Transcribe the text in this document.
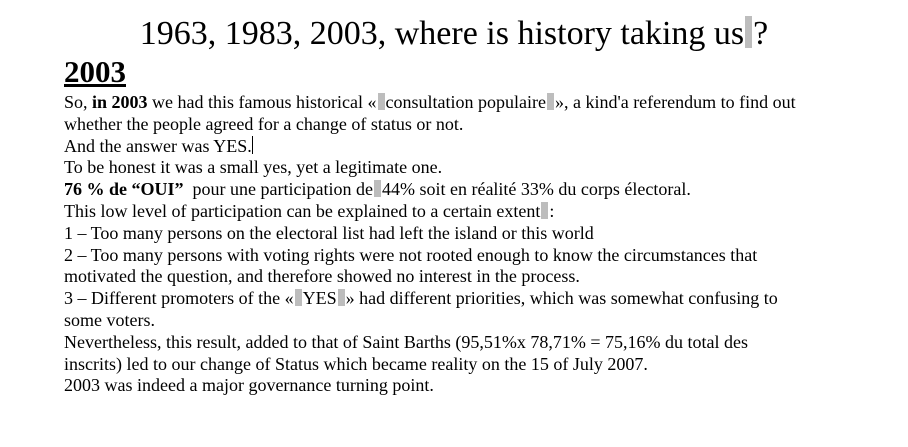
1963, 1983, 2003, where is history taking us ?
2003
So, in 2003 we had this famous historical « consultation populaire », a kind'a referendum to find out
whether the people agreed for a change of status or not.
And the answer was YES.
To be honest it was a small yes, yet a legitimate one.
76 % de “OUI”  pour une participation de 44% soit en réalité 33% du corps électoral.
This low level of participation can be explained to a certain extent :
1 – Too many persons on the electoral list had left the island or this world
2 – Too many persons with voting rights were not rooted enough to know the circumstances that
motivated the question, and therefore showed no interest in the process.
3 – Different promoters of the « YES » had different priorities, which was somewhat confusing to
some voters.
Nevertheless, this result, added to that of Saint Barths (95,51%x 78,71% = 75,16% du total des
inscrits) led to our change of Status which became reality on the 15 of July 2007.
2003 was indeed a major governance turning point.
